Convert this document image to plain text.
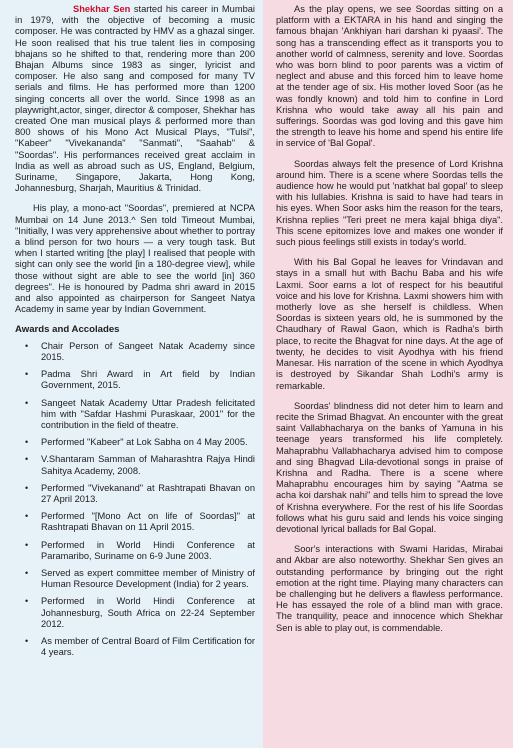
Shekhar Sen started his career in Mumbai in 1979, with the objective of becoming a music composer. He was contracted by HMV as a ghazal singer. He soon realised that his true talent lies in composing bhajans so he shifted to that, rendering more than 200 Bhajan Albums since 1983 as singer, lyricist and composer. He also sang and composed for many TV serials and films. He has performed more than 1200 singing concerts all over the world. Since 1998 as an playwright,actor, singer, director & composer, Shekhar has created One man musical plays & performed more than 800 shows of his Mono Act Musical Plays, "Tulsi", "Kabeer" "Vivekananda" "Sanmati", "Saahab" & "Soordas". His performances received great acclaim in India as well as abroad such as US, England, Belgium, Suriname, Singapore, Jakarta, Hong Kong, Johannesburg, Sharjah, Mauritius & Trinidad.

His play, a mono-act "Soordas", premiered at NCPA Mumbai on 14 June 2013.^ Sen told Timeout Mumbai, "Initially, I was very apprehensive about whether to portray a blind person for two hours — a very tough task. But when I started writing [the play] I realised that people with sight can only see the world [in a 180-degree view], while those without sight are able to see the world [in] 360 degrees". He is honoured by Padma shri award in 2015 and also appointed as chairperson for Sangeet Natya Academy in same year by Indian Government.

Awards and Accolades
• Chair Person of Sangeet Natak Academy since 2015.
• Padma Shri Award in Art field by Indian Government, 2015.
• Sangeet Natak Academy Uttar Pradesh felicitated him with "Safdar Hashmi Puraskaar, 2001" for the contribution in the field of theatre.
• Performed "Kabeer" at Lok Sabha on 4 May 2005.
• V.Shantaram Samman of Maharashtra Rajya Hindi Sahitya Academy, 2008.
• Performed "Vivekanand" at Rashtrapati Bhavan on 27 April 2013.
• Performed "[Mono Act on life of Soordas]" at Rashtrapati Bhavan on 11 April 2015.
• Performed in World Hindi Conference at Paramaribo, Suriname on 6-9 June 2003.
• Served as expert committee member of Ministry of Human Resource Development (India) for 2 years.
• Performed in World Hindi Conference at Johannesburg, South Africa on 22-24 September 2012.
• As member of Central Board of Film Certification for 4 years.

As the play opens, we see Soordas sitting on a platform with a EKTARA in his hand and singing the famous bhajan 'Ankhiyan hari darshan ki pyaasi'. The song has a transcending effect as it transports you to another world of calmness, serenity and love. Soordas who was born blind to poor parents was a victim of neglect and abuse and this forced him to leave home at the tender age of six. His mother loved Soor (as he was fondly known) and told him to confine in Lord Krishna who would take away all his pain and sufferings. Soordas was god loving and this gave him the strength to leave his home and spend his entire life in service of 'Bal Gopal'.

Soordas always felt the presence of Lord Krishna around him. There is a scene where Soordas tells the audience how he would put 'natkhat bal gopal' to sleep with his lullabies. Krishna is said to have had tears in his eyes. When Soor asks him the reason for the tears, Krishna replies "Teri preet ne mera kajal bhiga diya". This scene epitomizes love and makes one wonder if such pious feelings still exists in today's world.

With his Bal Gopal he leaves for Vrindavan and stays in a small hut with Bachu Baba and his wife Laxmi. Soor earns a lot of respect for his beautiful voice and his love for Krishna. Laxmi showers him with motherly love as she herself is childless. When Soordas is sixteen years old, he is summoned by the Chaudhary of Rawal Gaon, which is Radha's birth place, to recite the Bhagvat for nine days. At the age of twenty, he decides to visit Ayodhya with his friend Manesar. His narration of the scene in which Ayodhya is destroyed by Sikandar Shah Lodhi's army is remarkable.

Soordas' blindness did not deter him to learn and recite the Srimad Bhagvat. An encounter with the great saint Vallabhacharya on the banks of Yamuna in his teenage years transformed his life completely. Mahaprabhu Vallabhacharya advised him to compose and sing Bhagvad Lila-devotional songs in praise of Krishna and Radha. There is a scene where Mahaprabhu encourages him by saying "Aatma se acha koi darshak nahi" and tells him to spread the love of Krishna everywhere. For the rest of his life Soordas follows what his guru said and lends his voice singing devotional lyrical ballads for Bal Gopal.

Soor's interactions with Swami Haridas, Mirabai and Akbar are also noteworthy. Shekhar Sen gives an outstanding performance by bringing out the right emotion at the right time. Playing many characters can be challenging but he delivers a flawless performance. He has essayed the role of a blind man with grace. The tranquility, peace and innocence which Shekhar Sen is able to play out, is commendable.
